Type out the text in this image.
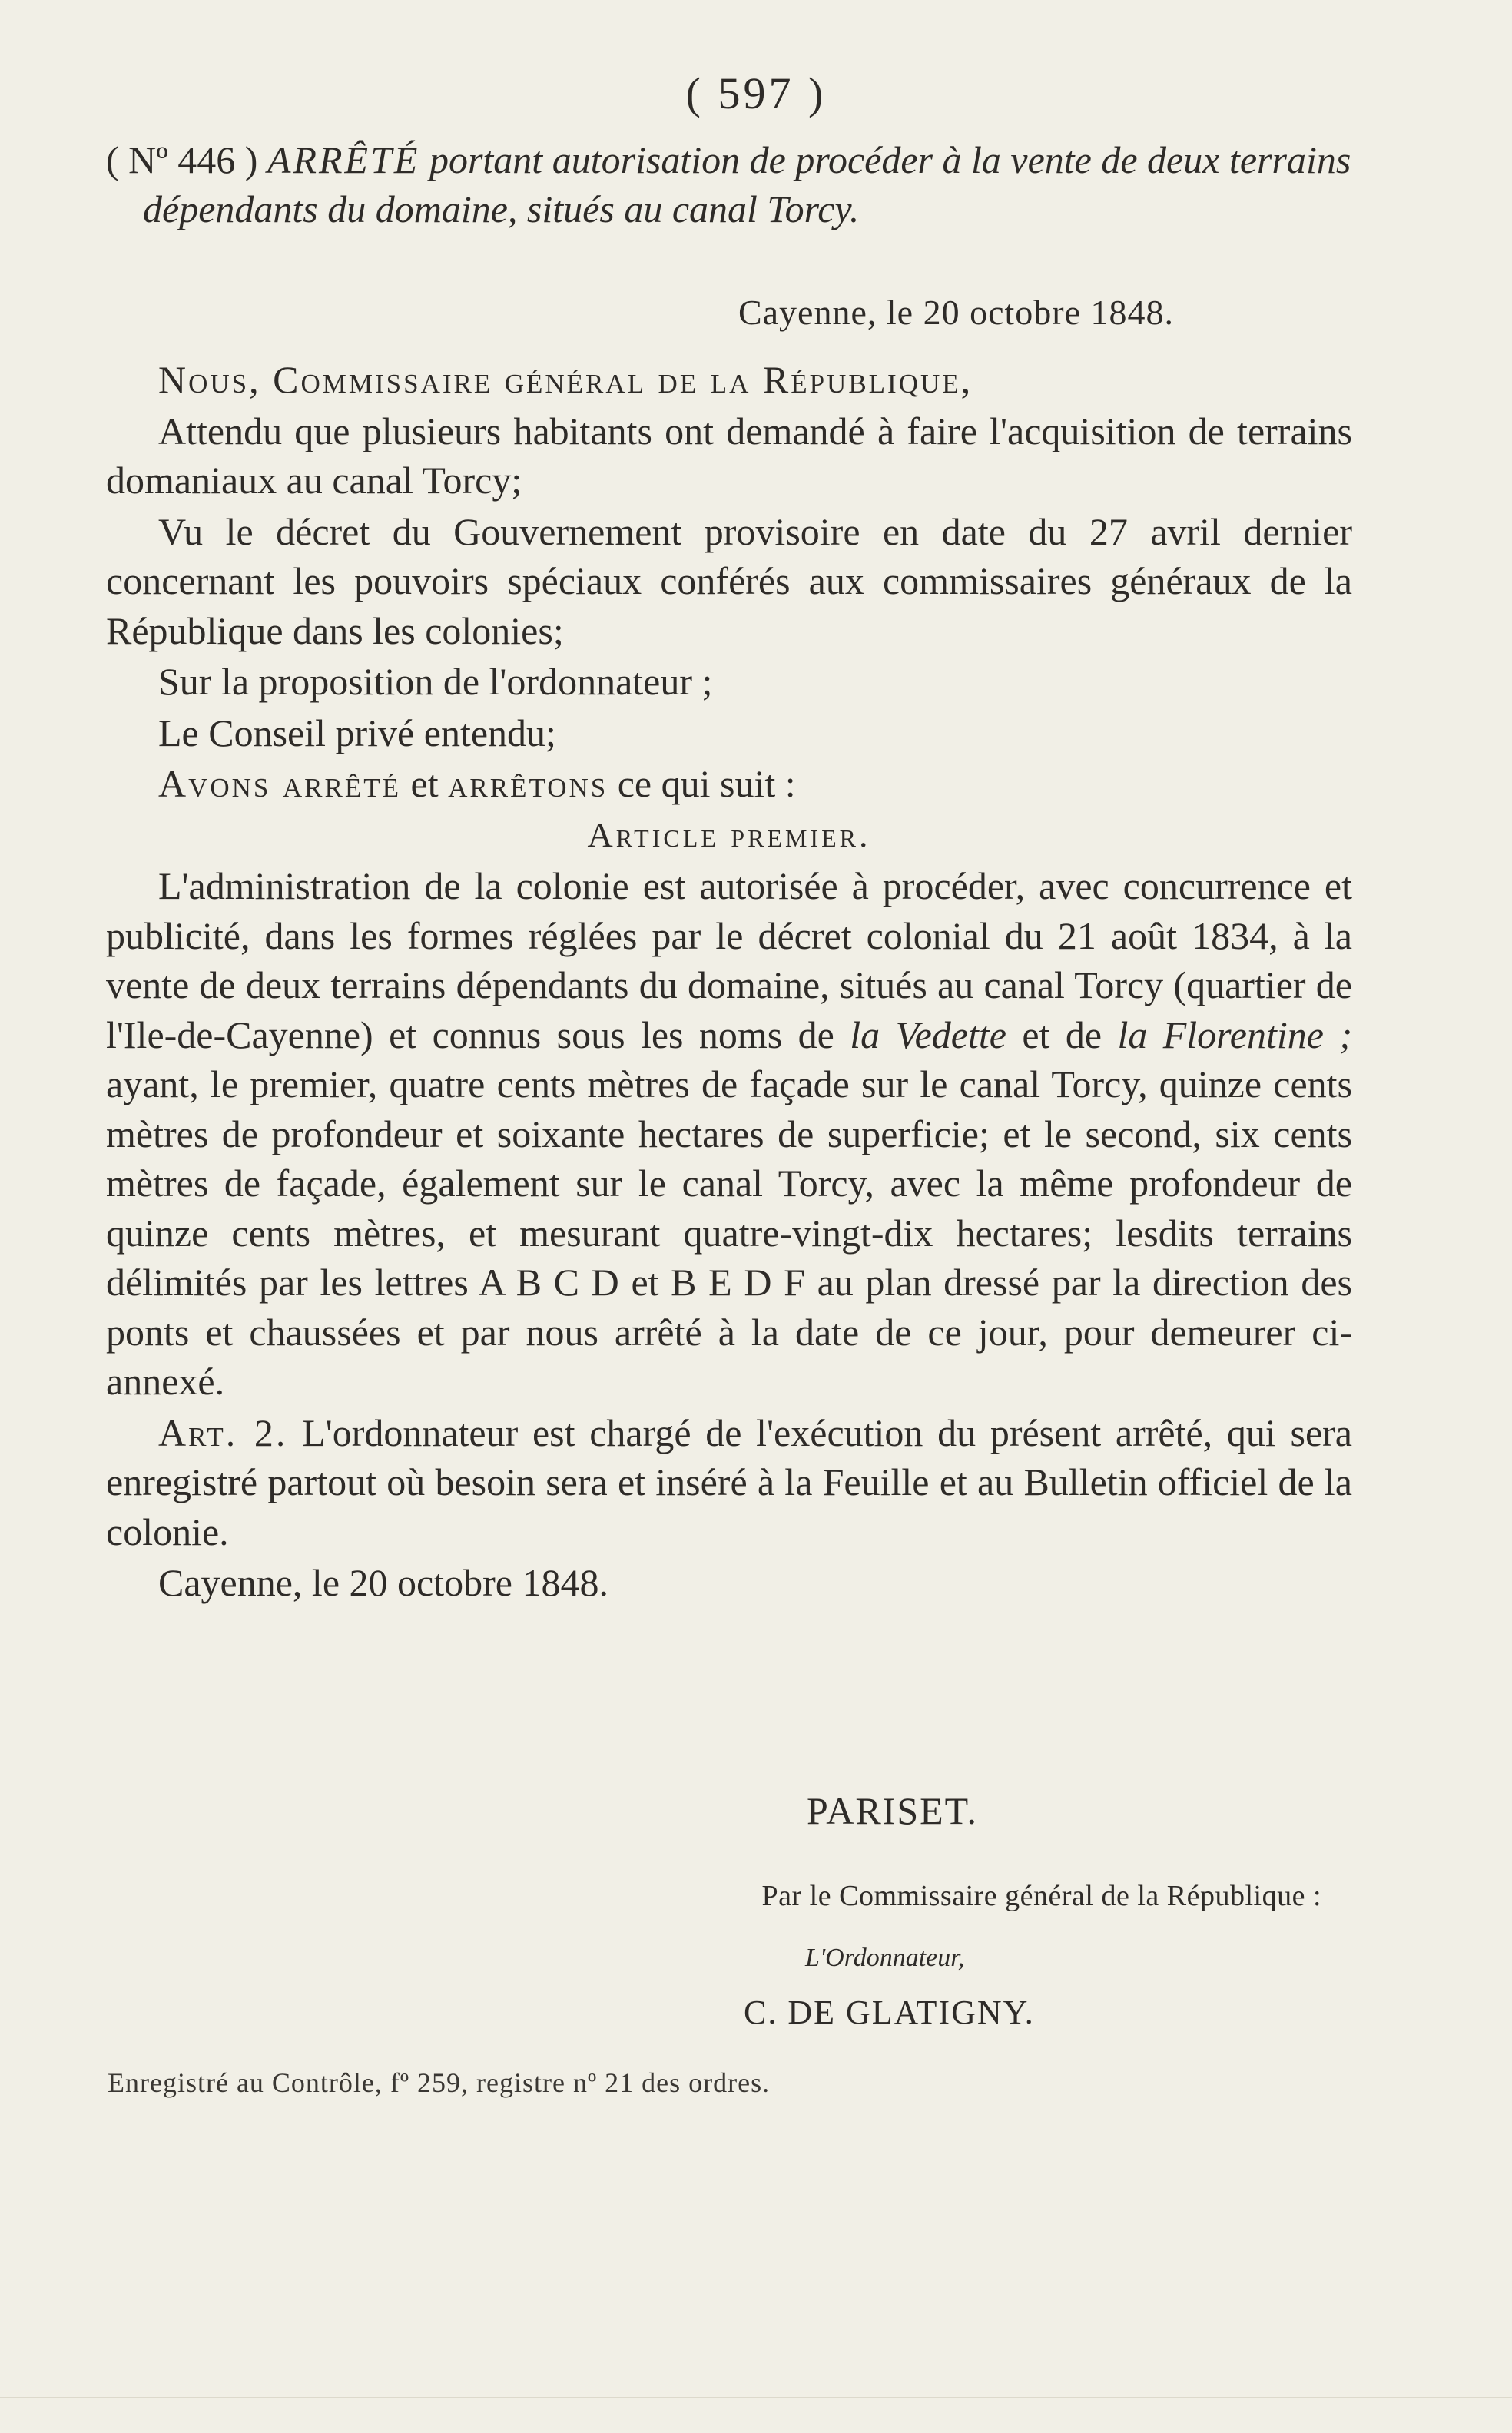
( 597 )
( Nº 446 ) ARRÊTÉ portant autorisation de procéder à la vente de deux terrains dépendants du domaine, situés au canal Torcy.
Cayenne, le 20 octobre 1848.

Nous, Commissaire général de la République,

Attendu que plusieurs habitants ont demandé à faire l'acquisition de terrains domaniaux au canal Torcy;

Vu le décret du Gouvernement provisoire en date du 27 avril dernier concernant les pouvoirs spéciaux conférés aux commissaires généraux de la République dans les colonies;

Sur la proposition de l'ordonnateur ;

Le Conseil privé entendu;

Avons arrêté et arrêtons ce qui suit :

Article premier.

L'administration de la colonie est autorisée à procéder, avec concurrence et publicité, dans les formes réglées par le décret colonial du 21 août 1834, à la vente de deux terrains dépendants du domaine, situés au canal Torcy (quartier de l'Ile-de-Cayenne) et connus sous les noms de la Vedette et de la Florentine ; ayant, le premier, quatre cents mètres de façade sur le canal Torcy, quinze cents mètres de profondeur et soixante hectares de superficie; et le second, six cents mètres de façade, également sur le canal Torcy, avec la même profondeur de quinze cents mètres, et mesurant quatre-vingt-dix hectares; lesdits terrains délimités par les lettres A B C D et B E D F au plan dressé par la direction des ponts et chaussées et par nous arrêté à la date de ce jour, pour demeurer ci-annexé.

Art. 2. L'ordonnateur est chargé de l'exécution du présent arrêté, qui sera enregistré partout où besoin sera et inséré à la Feuille et au Bulletin officiel de la colonie.

Cayenne, le 20 octobre 1848.

PARISET.
Par le Commissaire général de la République :
L'Ordonnateur,
C. DE GLATIGNY.
Enregistré au Contrôle, fº 259, registre nº 21 des ordres.
